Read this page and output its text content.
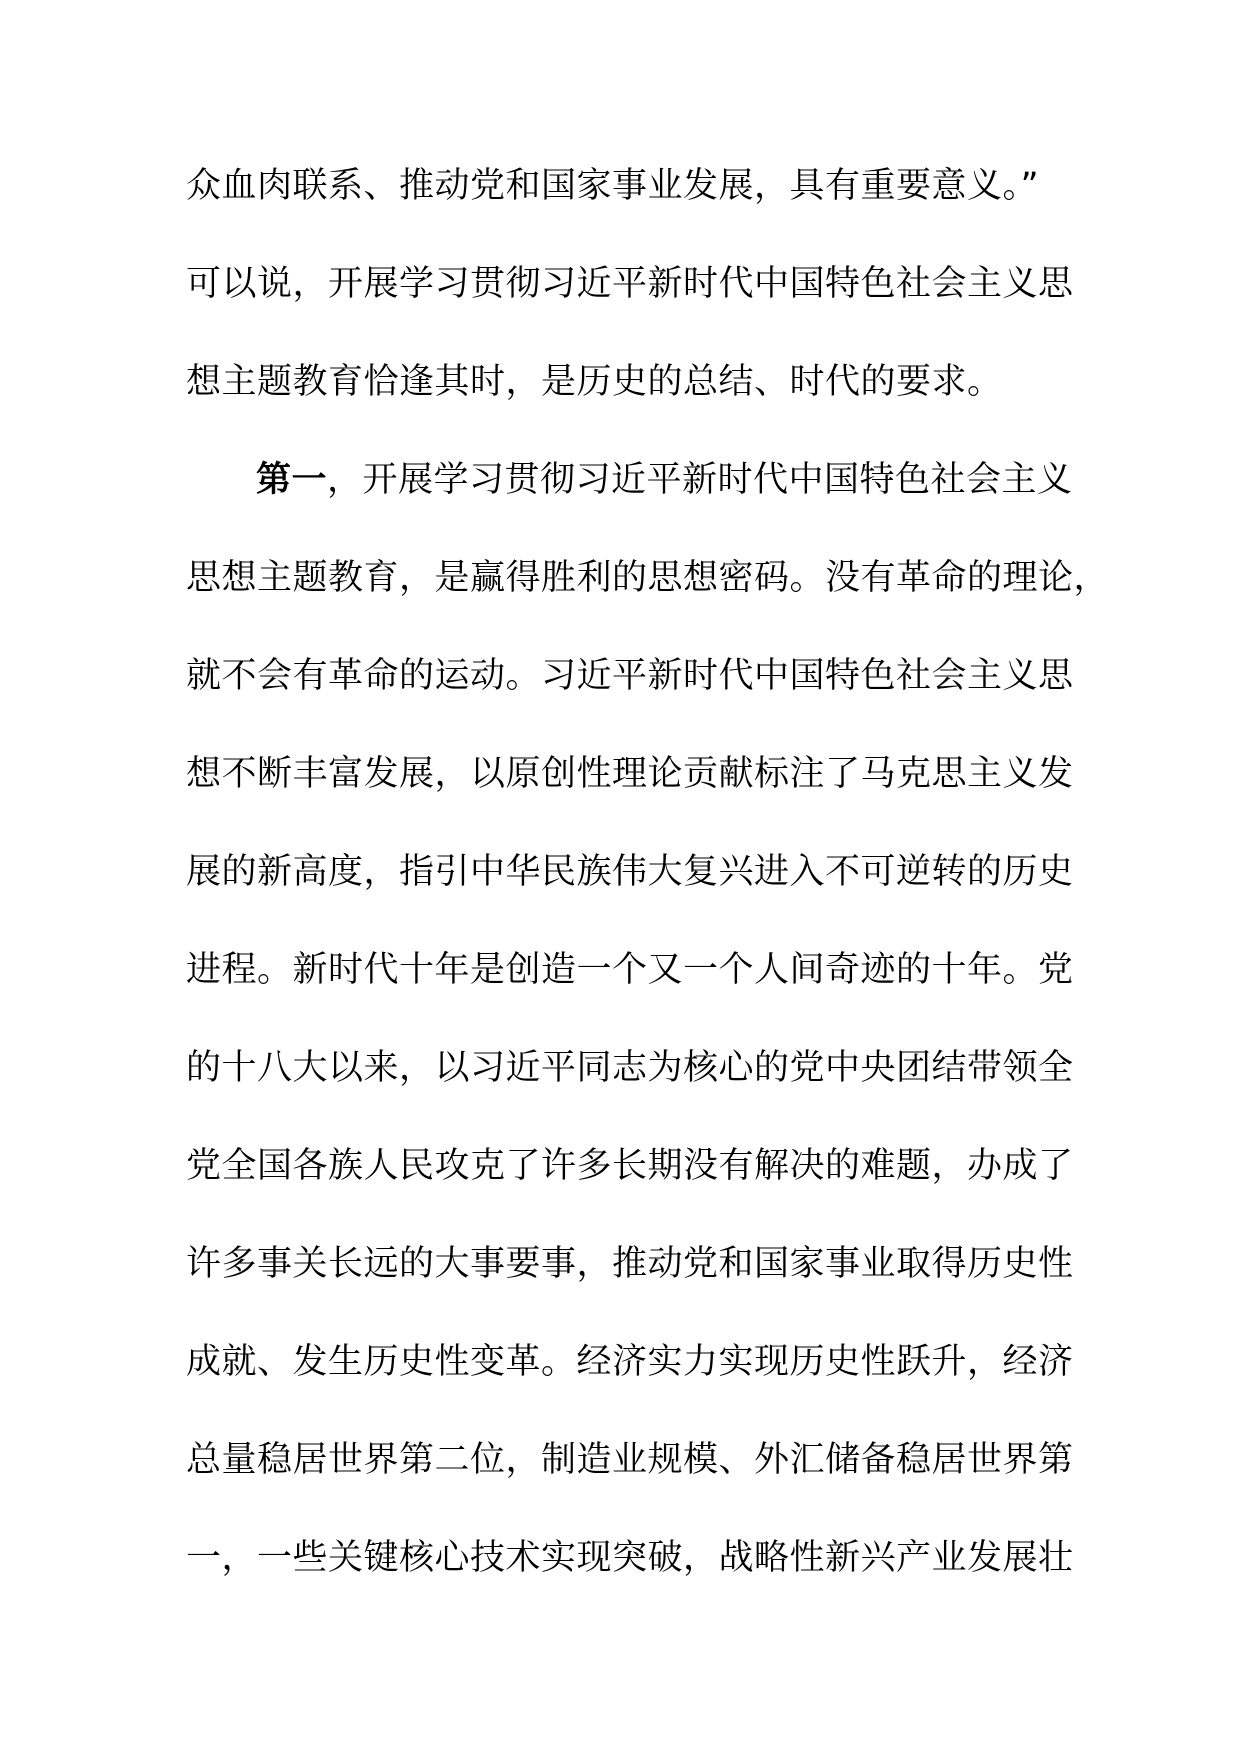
众血肉联系、推动党和国家事业发展，具有重要意义。”
可以说，开展学习贯彻习近平新时代中国特色社会主义思
想主题教育恰逢其时，是历史的总结、时代的要求。
第一，开展学习贯彻习近平新时代中国特色社会主义
思想主题教育，是赢得胜利的思想密码。没有革命的理论，
就不会有革命的运动。习近平新时代中国特色社会主义思
想不断丰富发展，以原创性理论贡献标注了马克思主义发
展的新高度，指引中华民族伟大复兴进入不可逆转的历史
进程。新时代十年是创造一个又一个人间奇迹的十年。党
的十八大以来，以习近平同志为核心的党中央团结带领全
党全国各族人民攻克了许多长期没有解决的难题，办成了
许多事关长远的大事要事，推动党和国家事业取得历史性
成就、发生历史性变革。经济实力实现历史性跃升，经济
总量稳居世界第二位，制造业规模、外汇储备稳居世界第
一，一些关键核心技术实现突破，战略性新兴产业发展壮
